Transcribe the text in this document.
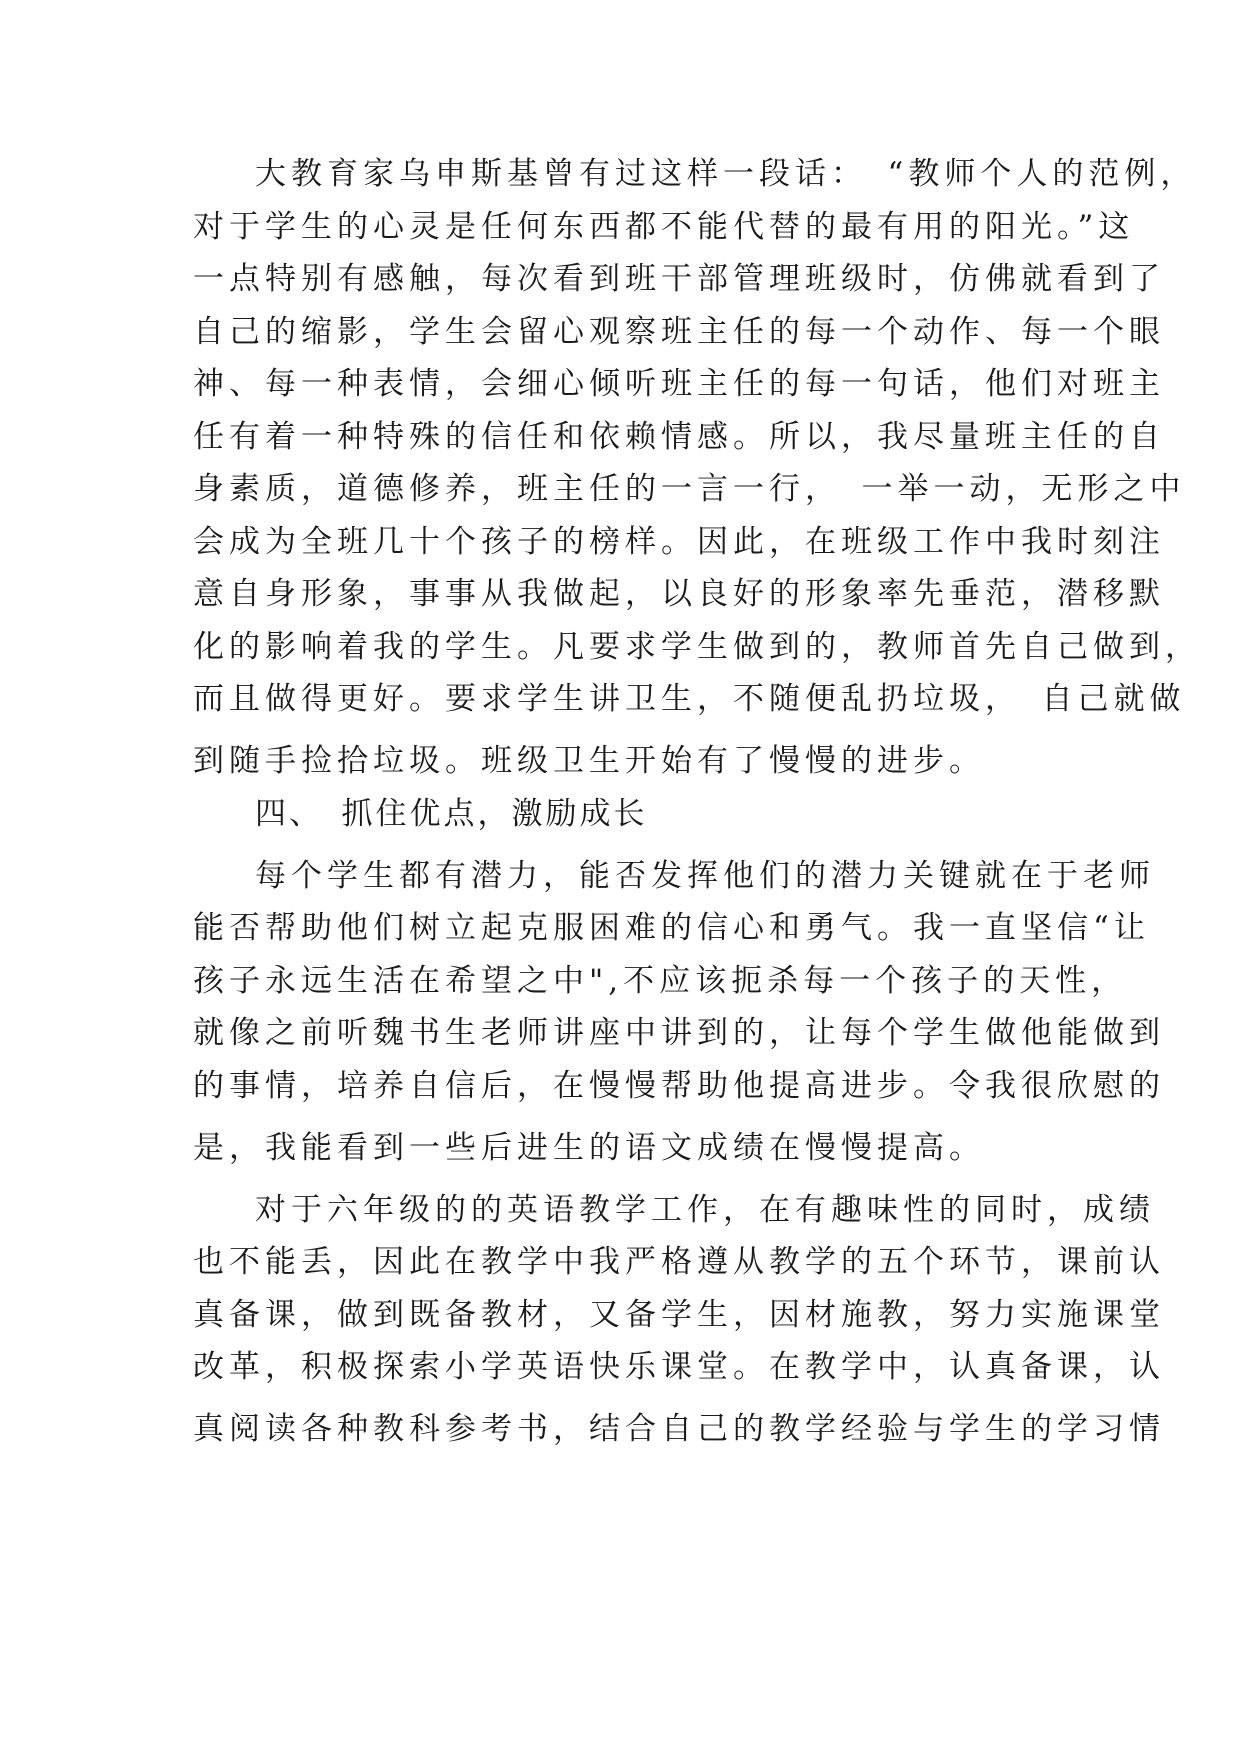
大教育家乌申斯基曾有过这样一段话：　“教师个人的范例，
对于学生的心灵是任何东西都不能代替的最有用的阳光。”这
一点特别有感触，每次看到班干部管理班级时，仿佛就看到了
自己的缩影，学生会留心观察班主任的每一个动作、每一个眼
神、每一种表情，会细心倾听班主任的每一句话，他们对班主
任有着一种特殊的信任和依赖情感。所以，我尽量班主任的自
身素质，道德修养，班主任的一言一行，　一举一动，无形之中
会成为全班几十个孩子的榜样。因此，在班级工作中我时刻注
意自身形象，事事从我做起，以良好的形象率先垂范，潜移默
化的影响着我的学生。凡要求学生做到的，教师首先自己做到，
而且做得更好。要求学生讲卫生，不随便乱扔垃圾，　自己就做
到随手捡拾垃圾。班级卫生开始有了慢慢的进步。

四、　抓住优点，激励成长

每个学生都有潜力，能否发挥他们的潜力关键就在于老师
能否帮助他们树立起克服困难的信心和勇气。我一直坚信“让
孩子永远生活在希望之中",不应该扼杀每一个孩子的天性，
就像之前听魏书生老师讲座中讲到的，让每个学生做他能做到
的事情，培养自信后，在慢慢帮助他提高进步。令我很欣慰的
是，我能看到一些后进生的语文成绩在慢慢提高。

对于六年级的的英语教学工作，在有趣味性的同时，成绩
也不能丢，因此在教学中我严格遵从教学的五个环节，课前认
真备课，做到既备教材，又备学生，因材施教，努力实施课堂
改革，积极探索小学英语快乐课堂。在教学中，认真备课，认
真阅读各种教科参考书，结合自己的教学经验与学生的学习情
